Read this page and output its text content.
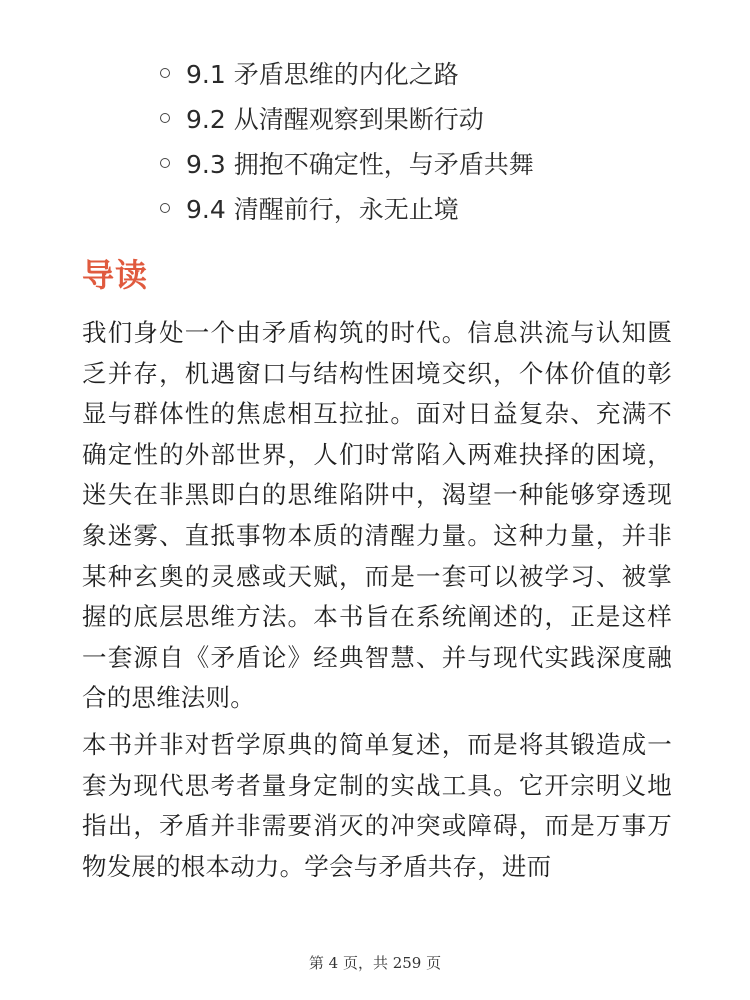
9.1 矛盾思维的内化之路
9.2 从清醒观察到果断行动
9.3 拥抱不确定性，与矛盾共舞
9.4 清醒前行，永无止境
导读

我们身处一个由矛盾构筑的时代。信息洪流与认知匮乏并存，机遇窗口与结构性困境交织，个体价值的彰显与群体性的焦虑相互拉扯。面对日益复杂、充满不确定性的外部世界，人们时常陷入两难抉择的困境，迷失在非黑即白的思维陷阱中，渴望一种能够穿透现象迷雾、直抵事物本质的清醒力量。这种力量，并非某种玄奥的灵感或天赋，而是一套可以被学习、被掌握的底层思维方法。本书旨在系统阐述的，正是这样一套源自《矛盾论》经典智慧、并与现代实践深度融合的思维法则。

本书并非对哲学原典的简单复述，而是将其锻造成一套为现代思考者量身定制的实战工具。它开宗明义地指出，矛盾并非需要消灭的冲突或障碍，而是万事万物发展的根本动力。学会与矛盾共存，进而

第 4 页，共 259 页
